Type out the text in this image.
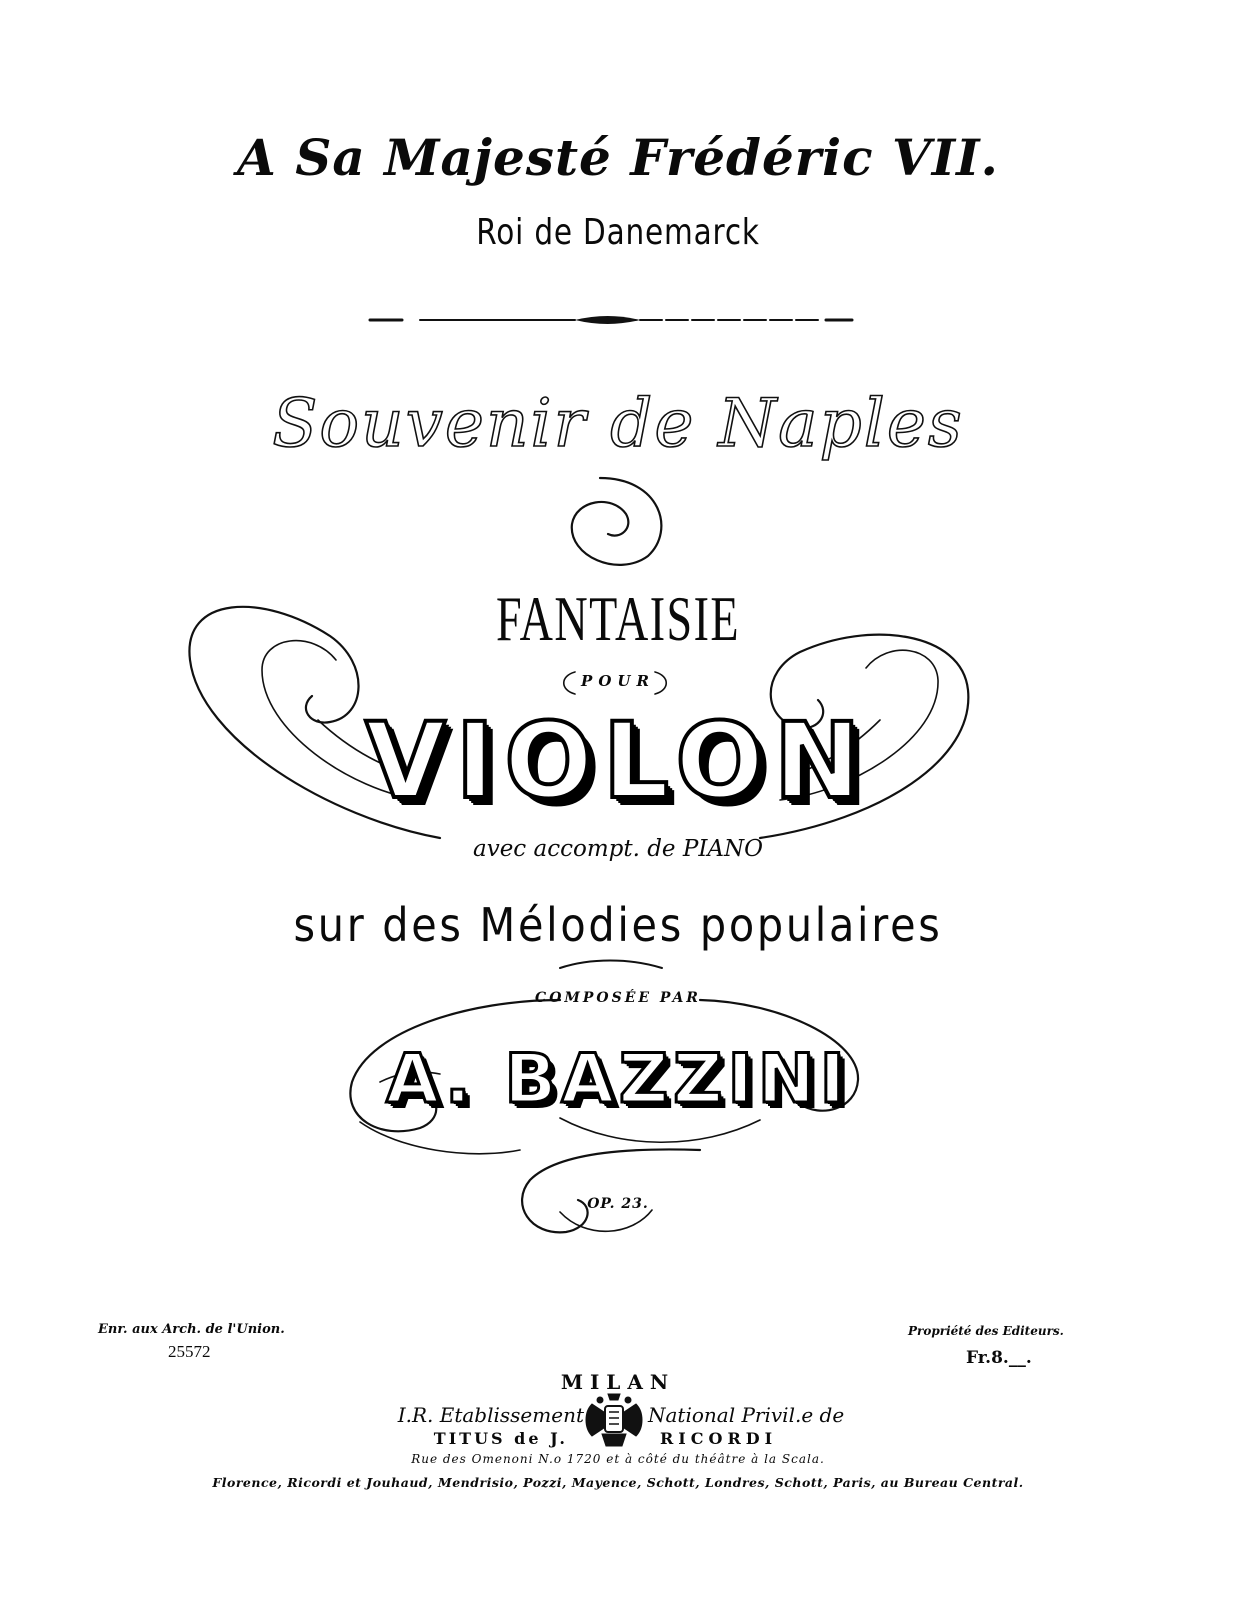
A Sa Majesté Frédéric VII.
Roi de Danemarck
Souvenir de Naples
FANTAISIE
POUR
VIOLON
avec accompt. de PIANO
sur des Mélodies populaires
COMPOSÉE PAR
A. BAZZINI
OP. 23.
Enr. aux Arch. de l'Union.
25572
Propriété des Editeurs.
Fr.8.__.
MILAN
I.R. Etablissement	National Privil.e de
TITUS de J.	RICORDI
Rue des Omenoni N.o 1720 et à côté du théâtre à la Scala.
Florence, Ricordi et Jouhaud, Mendrisio, Pozzi, Mayence, Schott, Londres, Schott, Paris, au Bureau Central.
